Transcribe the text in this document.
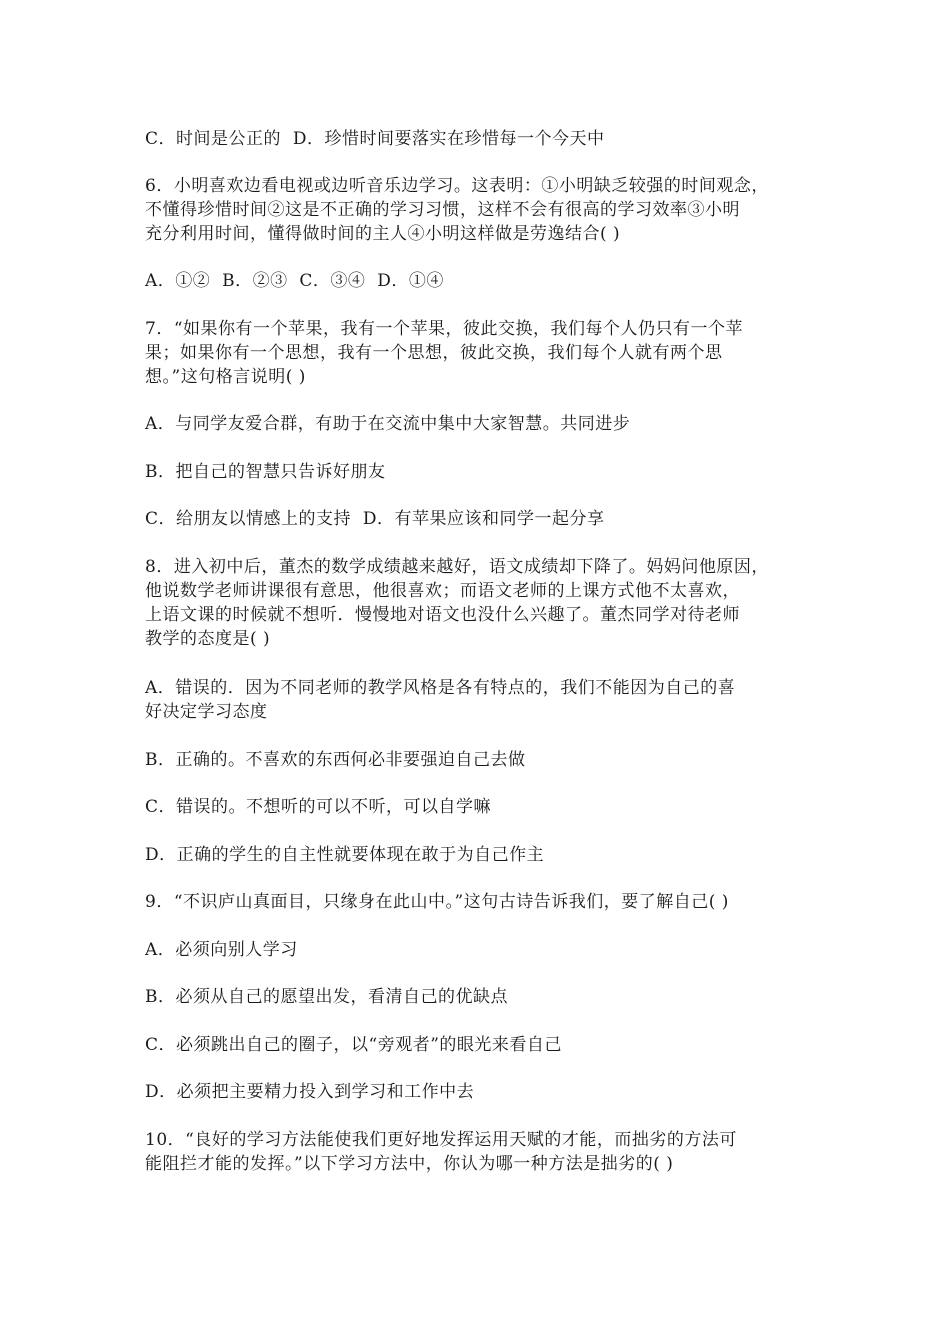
C．时间是公正的  D．珍惜时间要落实在珍惜每一个今天中
6．小明喜欢边看电视或边听音乐边学习。这表明：①小明缺乏较强的时间观念，
不懂得珍惜时间②这是不正确的学习习惯，这样不会有很高的学习效率③小明
充分利用时间，懂得做时间的主人④小明这样做是劳逸结合( )
A．①②  B．②③  C．③④  D．①④
7．“如果你有一个苹果，我有一个苹果，彼此交换，我们每个人仍只有一个苹
果；如果你有一个思想，我有一个思想，彼此交换，我们每个人就有两个思
想。”这句格言说明( )
A．与同学友爱合群，有助于在交流中集中大家智慧。共同进步
B．把自己的智慧只告诉好朋友
C．给朋友以情感上的支持  D．有苹果应该和同学一起分享
8．进入初中后，董杰的数学成绩越来越好，语文成绩却下降了。妈妈问他原因，
他说数学老师讲课很有意思，他很喜欢；而语文老师的上课方式他不太喜欢，
上语文课的时候就不想听．慢慢地对语文也没什么兴趣了。董杰同学对待老师
教学的态度是( )
A．错误的．因为不同老师的教学风格是各有特点的，我们不能因为自己的喜
好决定学习态度
B．正确的。不喜欢的东西何必非要强迫自己去做
C．错误的。不想听的可以不听，可以自学嘛
D．正确的学生的自主性就要体现在敢于为自己作主
9．“不识庐山真面目，只缘身在此山中。”这句古诗告诉我们，要了解自己( )
A．必须向别人学习
B．必须从自己的愿望出发，看清自己的优缺点
C．必须跳出自己的圈子，以“旁观者”的眼光来看自己
D．必须把主要精力投入到学习和工作中去
10．“良好的学习方法能使我们更好地发挥运用天赋的才能，而拙劣的方法可
能阻拦才能的发挥。”以下学习方法中，你认为哪一种方法是拙劣的( )
